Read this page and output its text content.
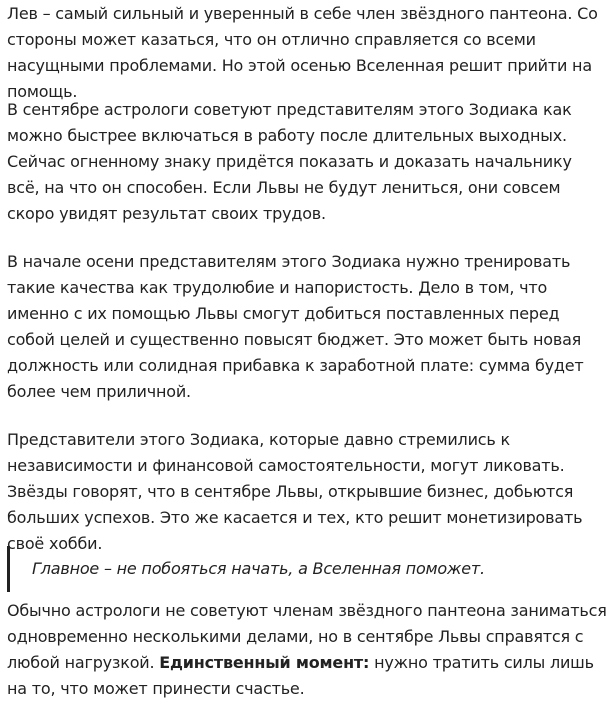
Лев – самый сильный и уверенный в себе член звёздного пантеона. Со стороны может казаться, что он отлично справляется со всеми насущными проблемами. Но этой осенью Вселенная решит прийти на помощь.

В сентябре астрологи советуют представителям этого Зодиака как можно быстрее включаться в работу после длительных выходных. Сейчас огненному знаку придётся показать и доказать начальнику всё, на что он способен. Если Львы не будут лениться, они совсем скоро увидят результат своих трудов.

В начале осени представителям этого Зодиака нужно тренировать такие качества как трудолюбие и напористость. Дело в том, что именно с их помощью Львы смогут добиться поставленных перед собой целей и существенно повысят бюджет. Это может быть новая должность или солидная прибавка к заработной плате: сумма будет более чем приличной.

Представители этого Зодиака, которые давно стремились к независимости и финансовой самостоятельности, могут ликовать. Звёзды говорят, что в сентябре Львы, открывшие бизнес, добьются больших успехов. Это же касается и тех, кто решит монетизировать своё хобби.

Главное – не побояться начать, а Вселенная поможет.

Обычно астрологи не советуют членам звёздного пантеона заниматься одновременно несколькими делами, но в сентябре Львы справятся с любой нагрузкой. Единственный момент: нужно тратить силы лишь на то, что может принести счастье.
